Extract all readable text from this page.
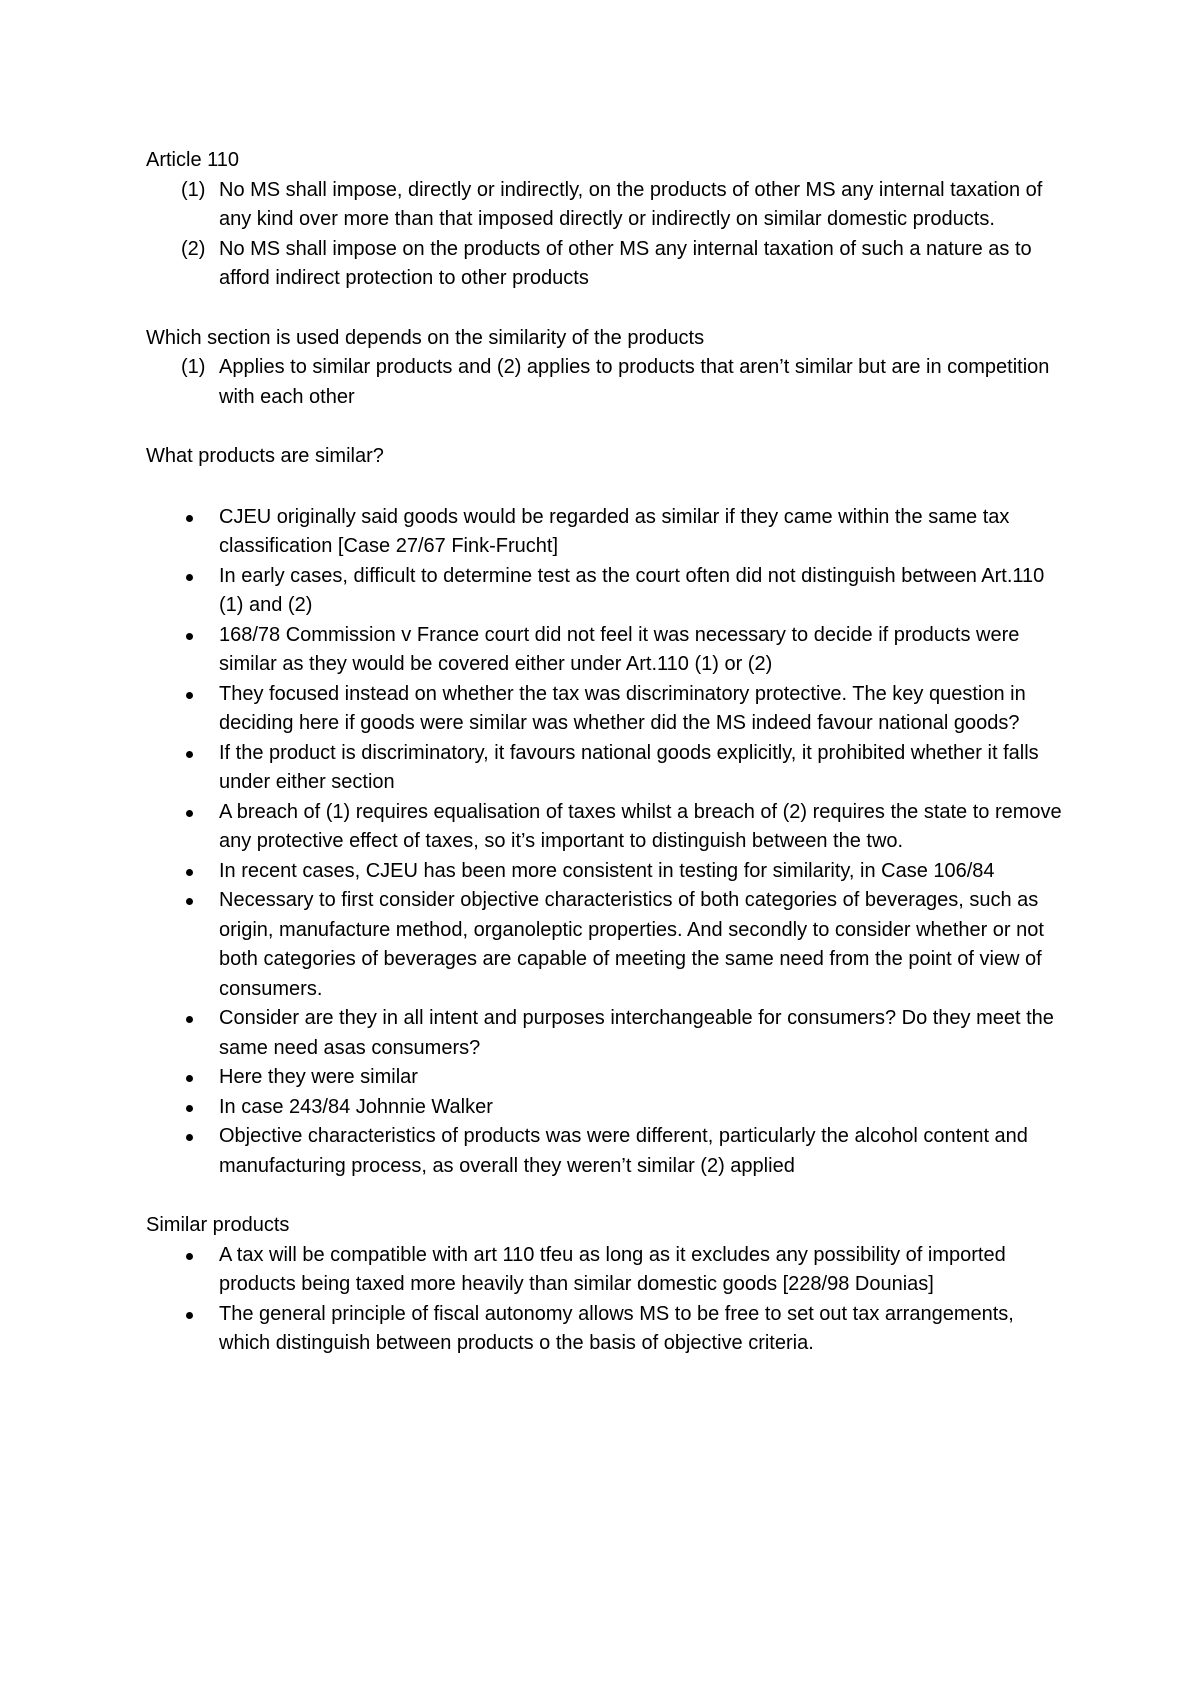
Article 110

(1) No MS shall impose, directly or indirectly, on the products of other MS any internal taxation of any kind over more than that imposed directly or indirectly on similar domestic products.
(2) No MS shall impose on the products of other MS any internal taxation of such a nature as to afford indirect protection to other products

Which section is used depends on the similarity of the products

(1) Applies to similar products and (2) applies to products that aren’t similar but are in competition with each other

What products are similar?

CJEU originally said goods would be regarded as similar if they came within the same tax classification [Case 27/67 Fink-Frucht]
In early cases, difficult to determine test as the court often did not distinguish between Art.110 (1) and (2)
168/78 Commission v France court did not feel it was necessary to decide if products were similar as they would be covered either under Art.110 (1) or (2)
They focused instead on whether the tax was discriminatory protective. The key question in deciding here if goods were similar was whether did the MS indeed favour national goods?
If the product is discriminatory, it favours national goods explicitly, it prohibited whether it falls under either section
A breach of (1) requires equalisation of taxes whilst a breach of (2) requires the state to remove any protective effect of taxes, so it’s important to distinguish between the two.
In recent cases, CJEU has been more consistent in testing for similarity, in Case 106/84
Necessary to first consider objective characteristics of both categories of beverages, such as origin, manufacture method, organoleptic properties. And secondly to consider whether or not both categories of beverages are capable of meeting the same need from the point of view of consumers.
Consider are they in all intent and purposes interchangeable for consumers? Do they meet the same need asas consumers?
Here they were similar
In case 243/84 Johnnie Walker
Objective characteristics of products was were different, particularly the alcohol content and manufacturing process, as overall they weren’t similar (2) applied

Similar products

A tax will be compatible with art 110 tfeu as long as it excludes any possibility of imported products being taxed more heavily than similar domestic goods [228/98 Dounias]
The general principle of fiscal autonomy allows MS to be free to set out tax arrangements, which distinguish between products o the basis of objective criteria.
